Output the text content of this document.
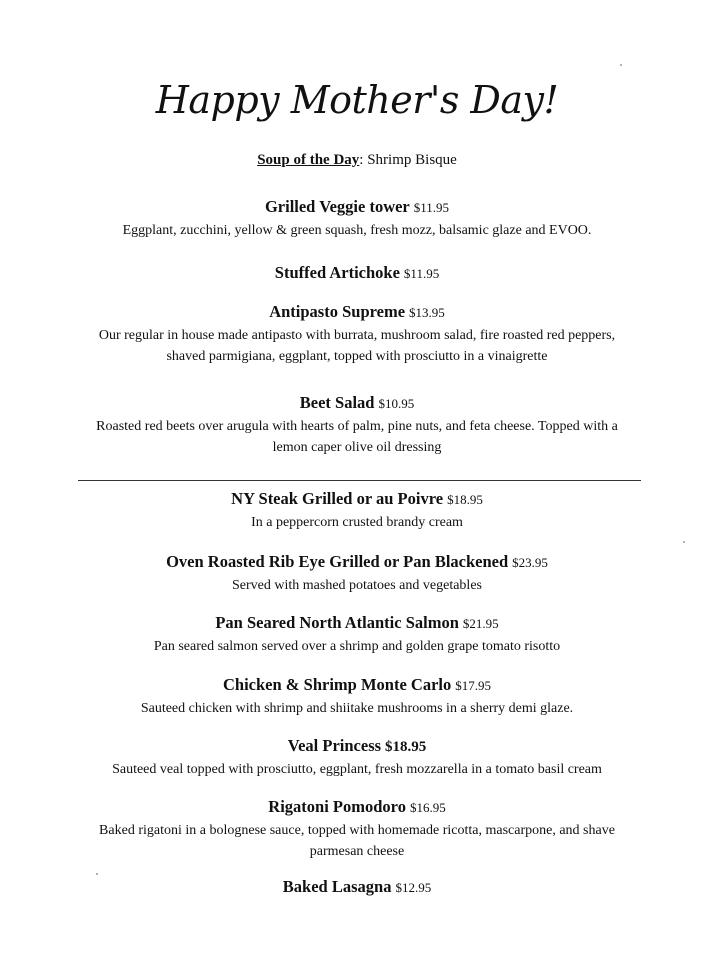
Happy Mother's Day!
Soup of the Day: Shrimp Bisque
Grilled Veggie tower $11.95
Eggplant, zucchini, yellow & green squash, fresh mozz, balsamic glaze and EVOO.
Stuffed Artichoke $11.95
Antipasto Supreme $13.95
Our regular in house made antipasto with burrata, mushroom salad, fire roasted red peppers,
shaved parmigiana, eggplant, topped with prosciutto in a vinaigrette
Beet Salad $10.95
Roasted red beets over arugula with hearts of palm, pine nuts, and feta cheese. Topped with a
lemon caper olive oil dressing
NY Steak Grilled or au Poivre $18.95
In a peppercorn crusted brandy cream
Oven Roasted Rib Eye Grilled or Pan Blackened $23.95
Served with mashed potatoes and vegetables
Pan Seared North Atlantic Salmon $21.95
Pan seared salmon served over a shrimp and golden grape tomato risotto
Chicken & Shrimp Monte Carlo $17.95
Sauteed chicken with shrimp and shiitake mushrooms in a sherry demi glaze.
Veal Princess $18.95
Sauteed veal topped with prosciutto, eggplant, fresh mozzarella in a tomato basil cream
Rigatoni Pomodoro $16.95
Baked rigatoni in a bolognese sauce, topped with homemade ricotta, mascarpone, and shave
parmesan cheese
Baked Lasagna $12.95
